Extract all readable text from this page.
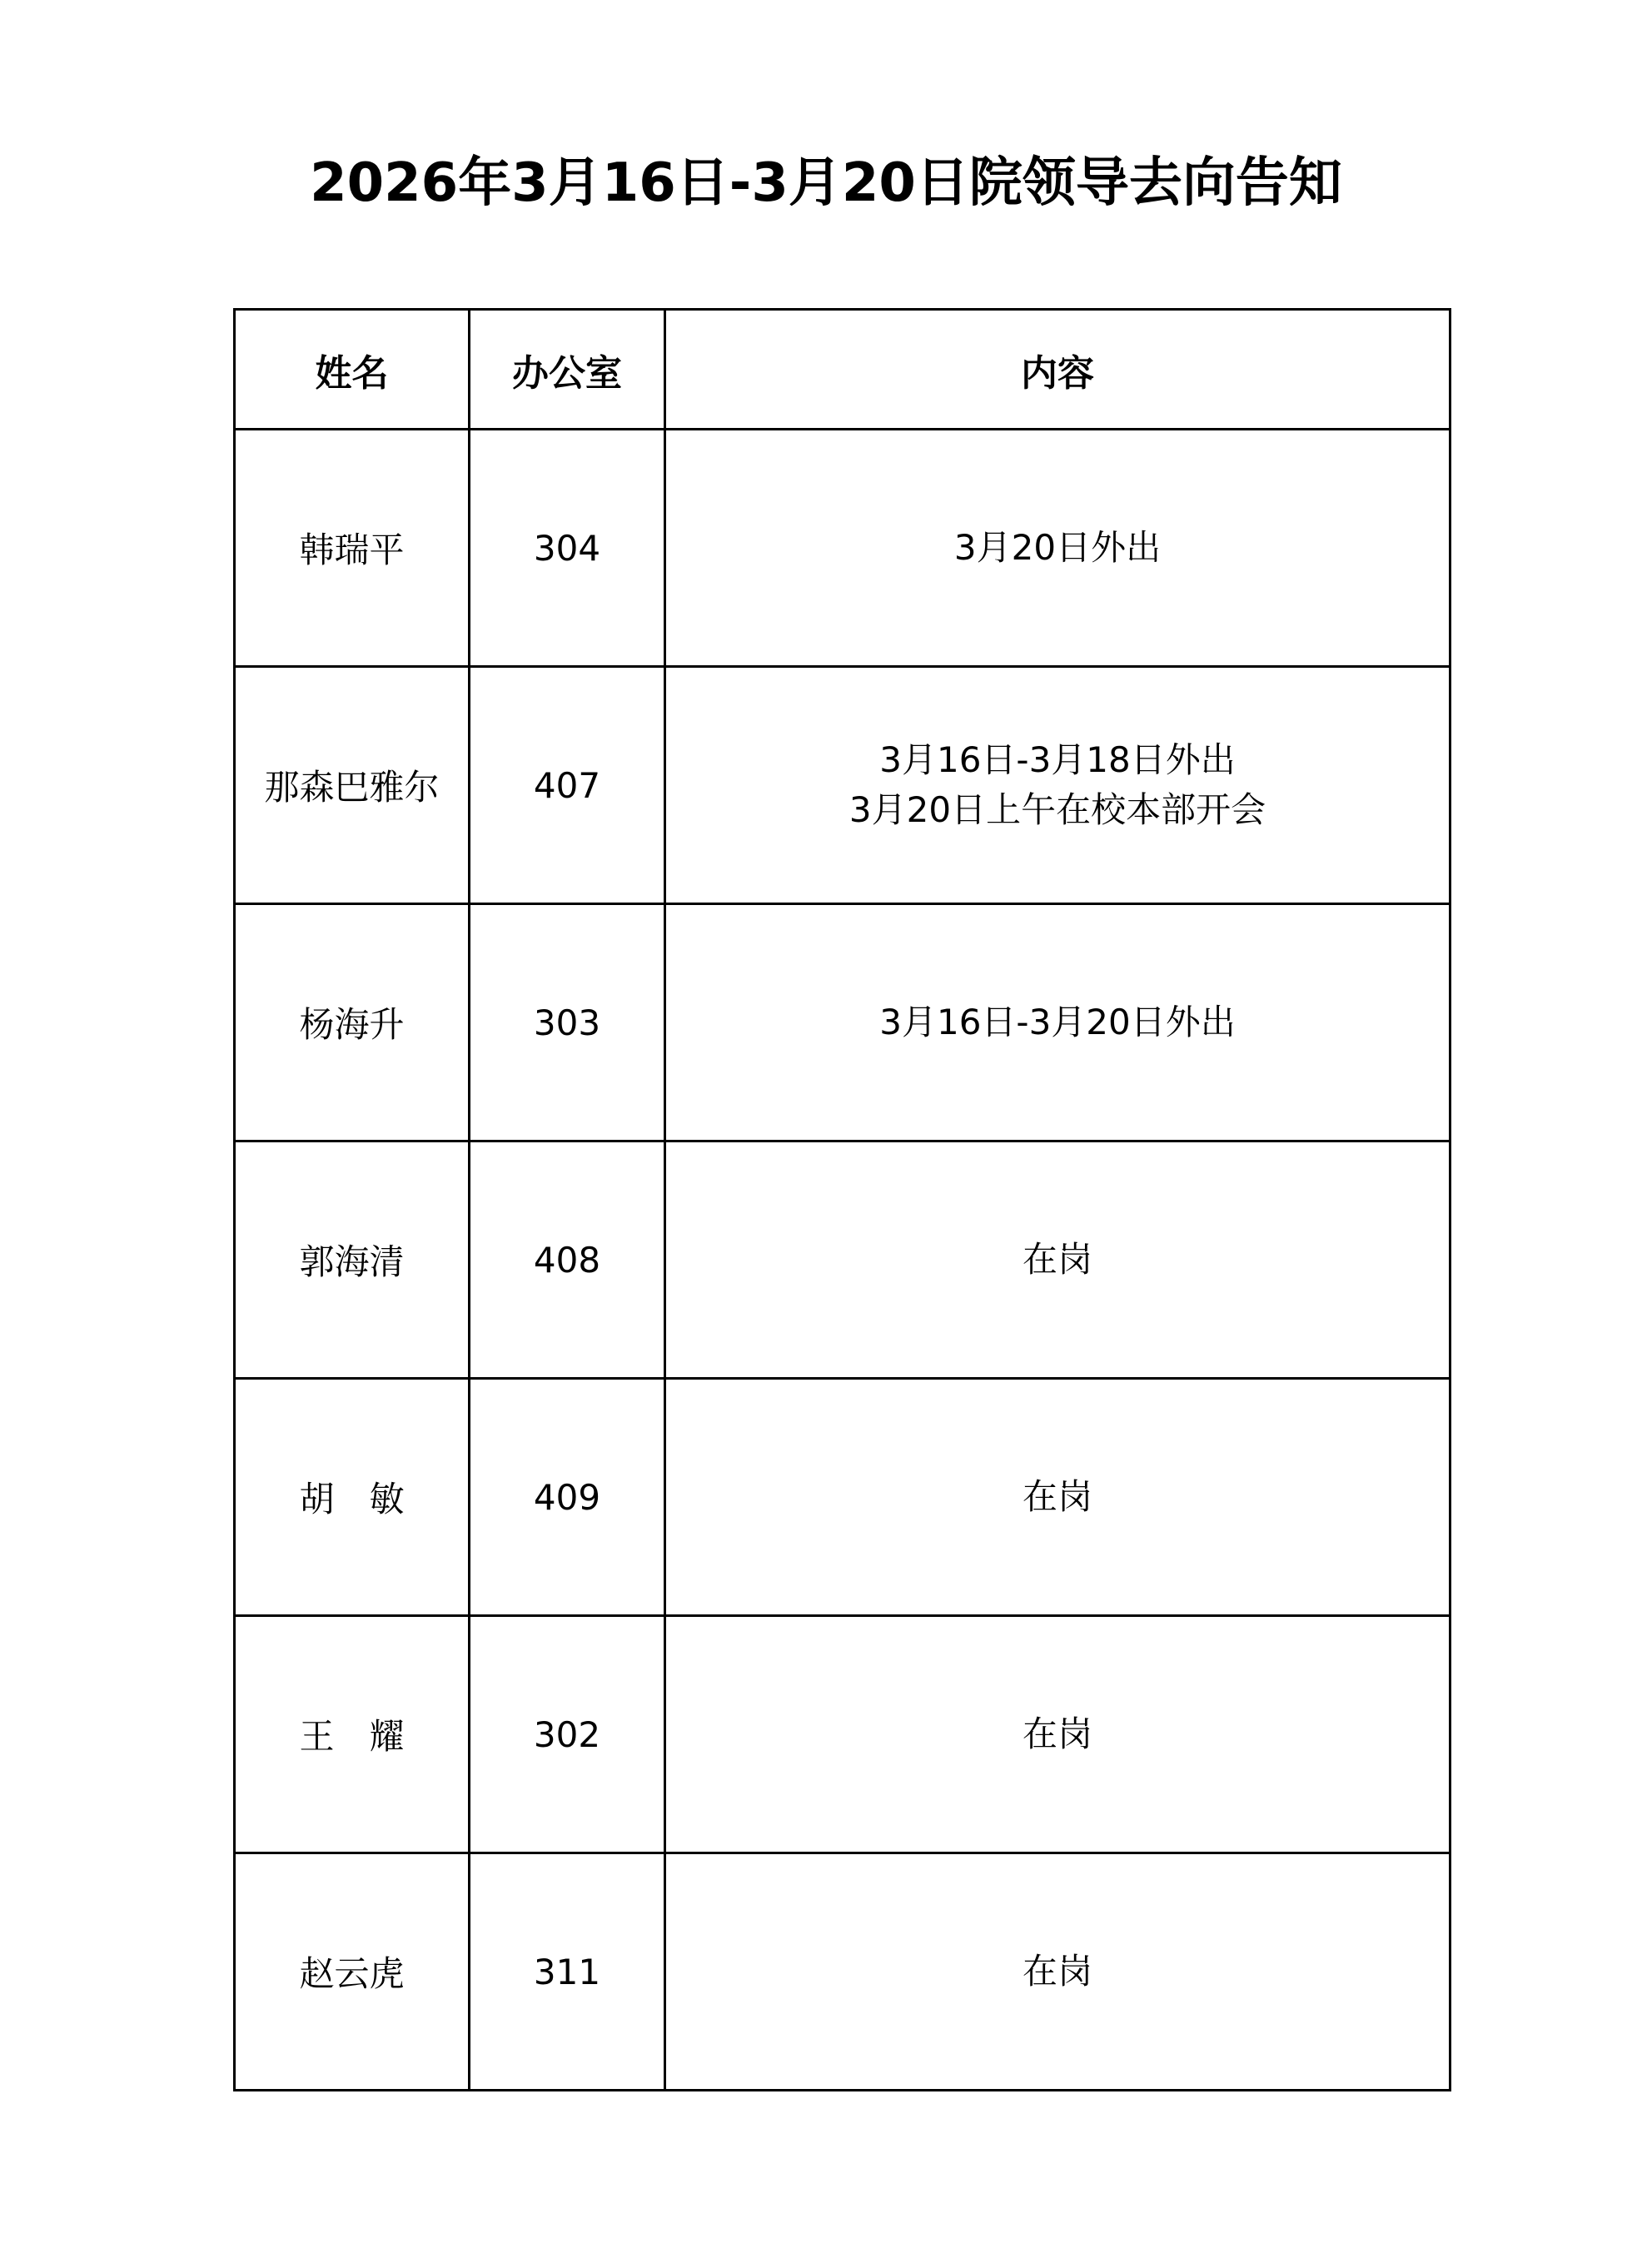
2026年3月16日-3月20日院领导去向告知
姓名	办公室	内容
韩瑞平	304	3月20日外出

那森巴雅尔	407	3月16日-3月18日外出
3月20日上午在校本部开会

杨海升	303	3月16日-3月20日外出

郭海清	408	在岗

胡　敏	409	在岗

王　耀	302	在岗

赵云虎	311	在岗
